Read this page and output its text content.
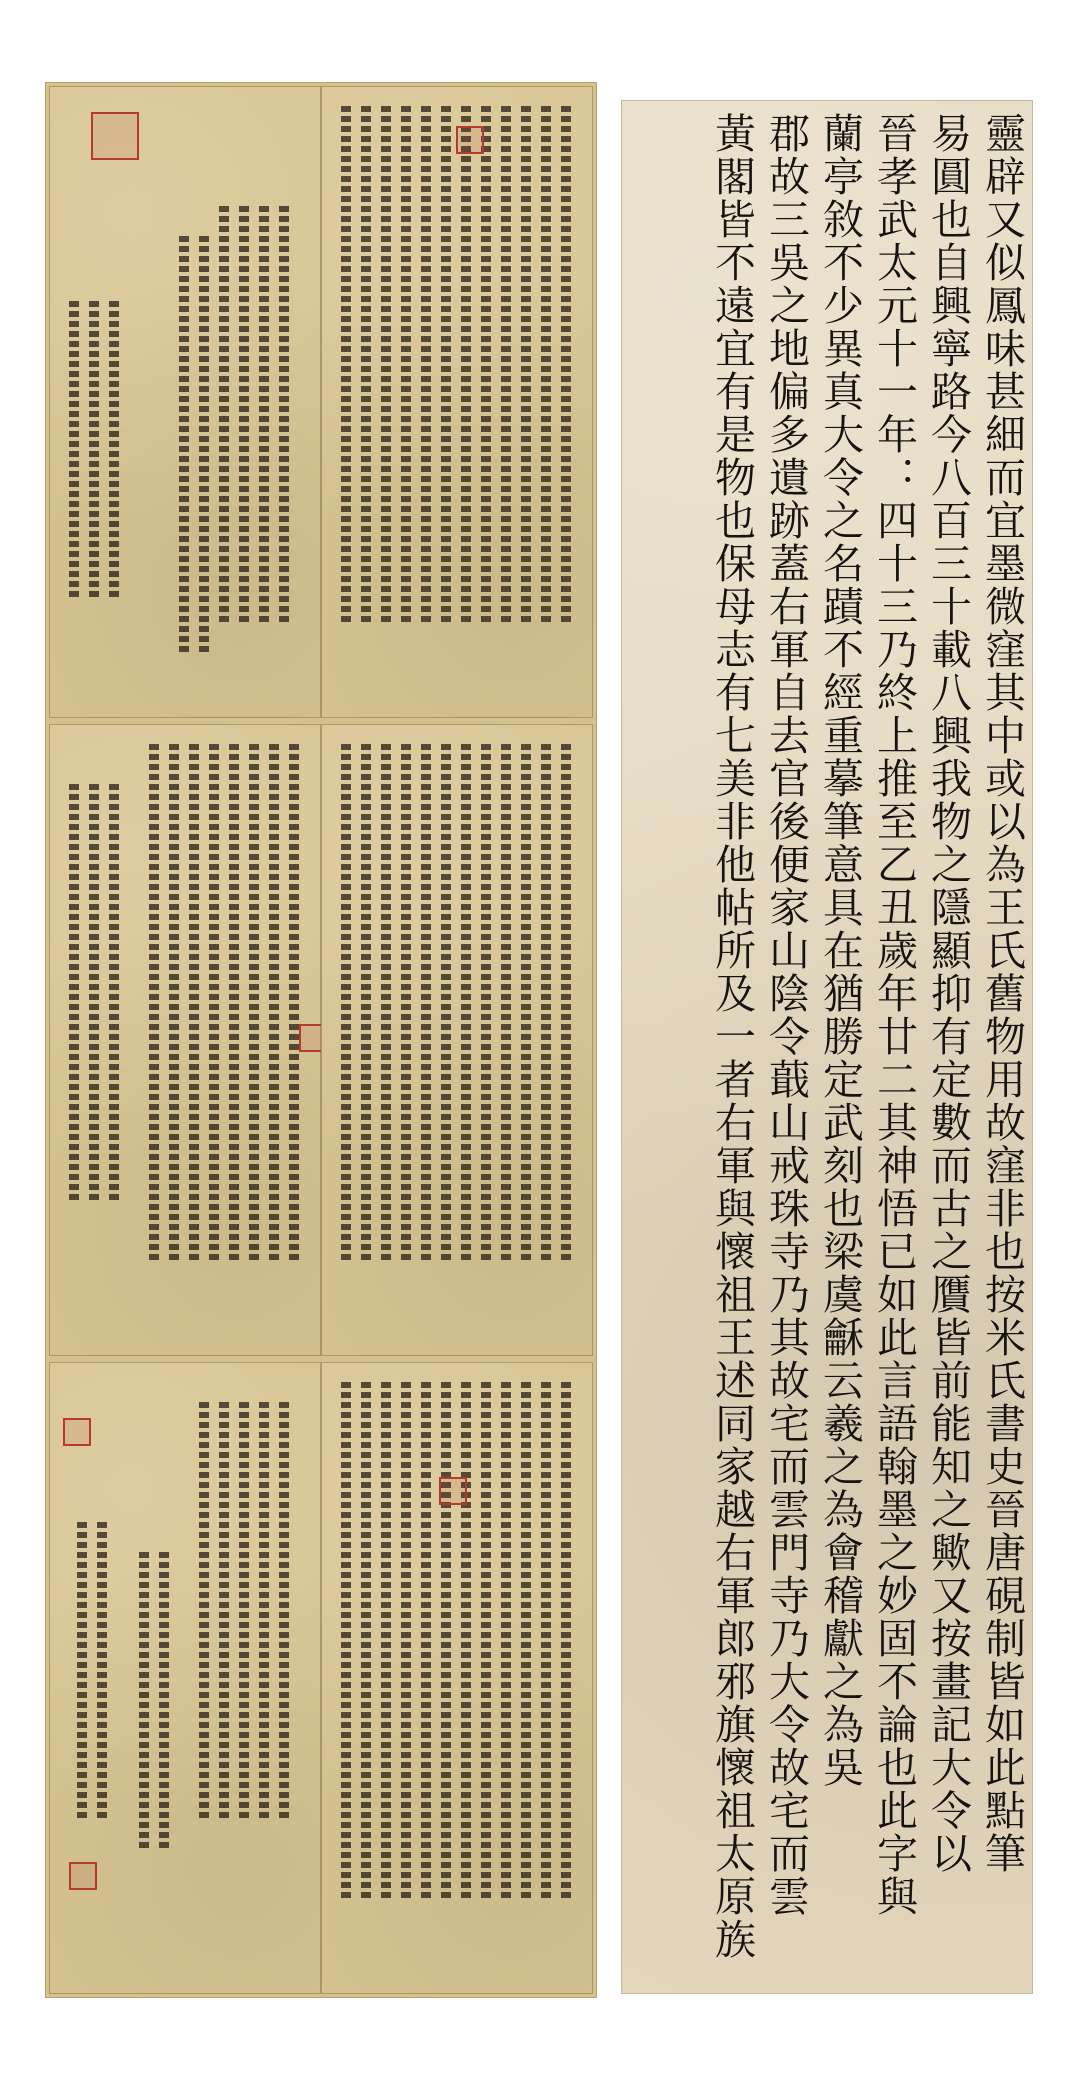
靈辟又似鳳味甚細而宜墨微窪其中或以為王氏舊物用故窪非也按米氏書史晉唐硯制皆如此點筆
易圓也自興寧路今八百三十載八興我物之隱顯抑有定數而古之贋皆前能知之歟又按畫記大令以
晉孝武太元十一年：四十三乃終上推至乙丑歲年廿二其神悟已如此言語翰墨之妙固不論也此字與
蘭亭敘不少異真大令之名蹟不經重摹筆意具在猶勝定武刻也梁虞龢云羲之為會稽獻之為吳
郡故三吳之地偏多遺跡蓋右軍自去官後便家山陰令蕺山戒珠寺乃其故宅而雲門寺乃大令故宅而雲
黃閣皆不遠宜有是物也保母志有七美非他帖所及一者右軍與懷祖王述同家越右軍郎邪旗懷祖太原族
